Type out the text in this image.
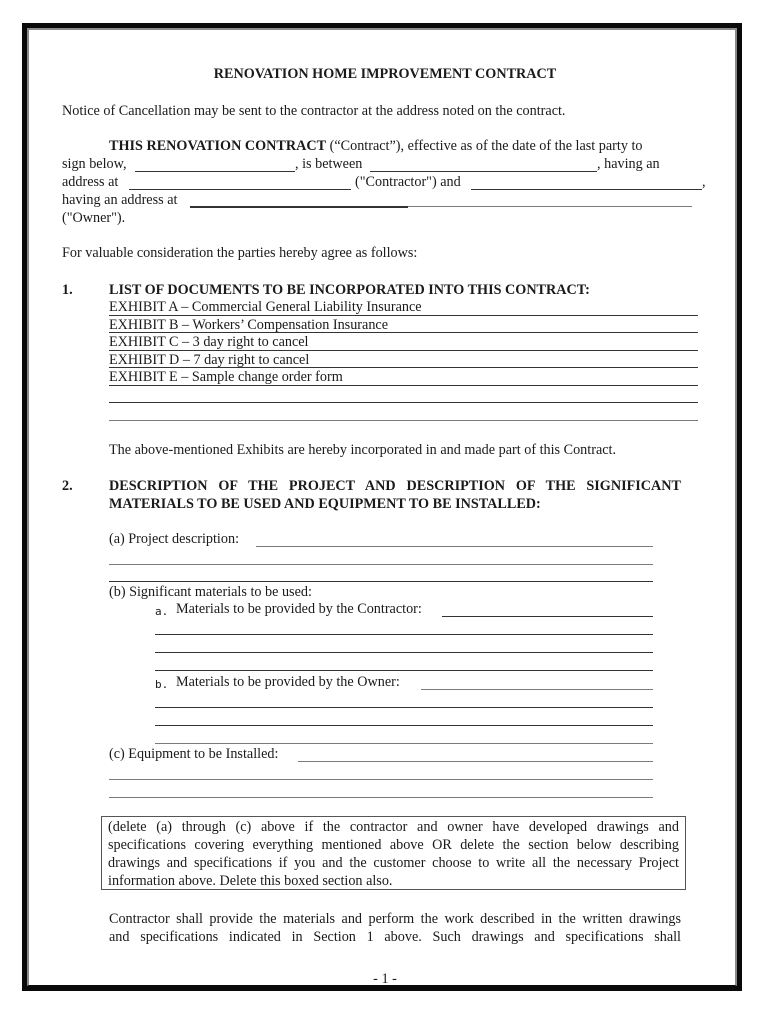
RENOVATION HOME IMPROVEMENT CONTRACT
Notice of Cancellation may be sent to the contractor at the address noted on the contract.
THIS RENOVATION CONTRACT (“Contract”), effective as of the date of the last party to
sign below,	, is between	, having an
address at	("Contractor") and	,
having an address at
("Owner").
For valuable consideration the parties hereby agree as follows:
1.	LIST OF DOCUMENTS TO BE INCORPORATED INTO THIS CONTRACT:
EXHIBIT A – Commercial General Liability Insurance
EXHIBIT B – Workers’ Compensation Insurance
EXHIBIT C – 3 day right to cancel
EXHIBIT D – 7 day right to cancel
EXHIBIT E – Sample change order form
The above-mentioned Exhibits are hereby incorporated in and made part of this Contract.
2.	DESCRIPTION OF THE PROJECT AND DESCRIPTION OF THE SIGNIFICANT
MATERIALS TO BE USED AND EQUIPMENT TO BE INSTALLED:
(a) Project description:
(b) Significant materials to be used:
a. Materials to be provided by the Contractor:
b. Materials to be provided by the Owner:
(c) Equipment to be Installed:

(delete (a) through (c) above if the contractor and owner have developed drawings and

specifications covering everything mentioned above OR delete the section below describing

drawings and specifications if you and the customer choose to write all the necessary Project

information above. Delete this boxed section also.

Contractor shall provide the materials and perform the work described in the written drawings
and specifications indicated in Section 1 above. Such drawings and specifications shall
- 1 -
